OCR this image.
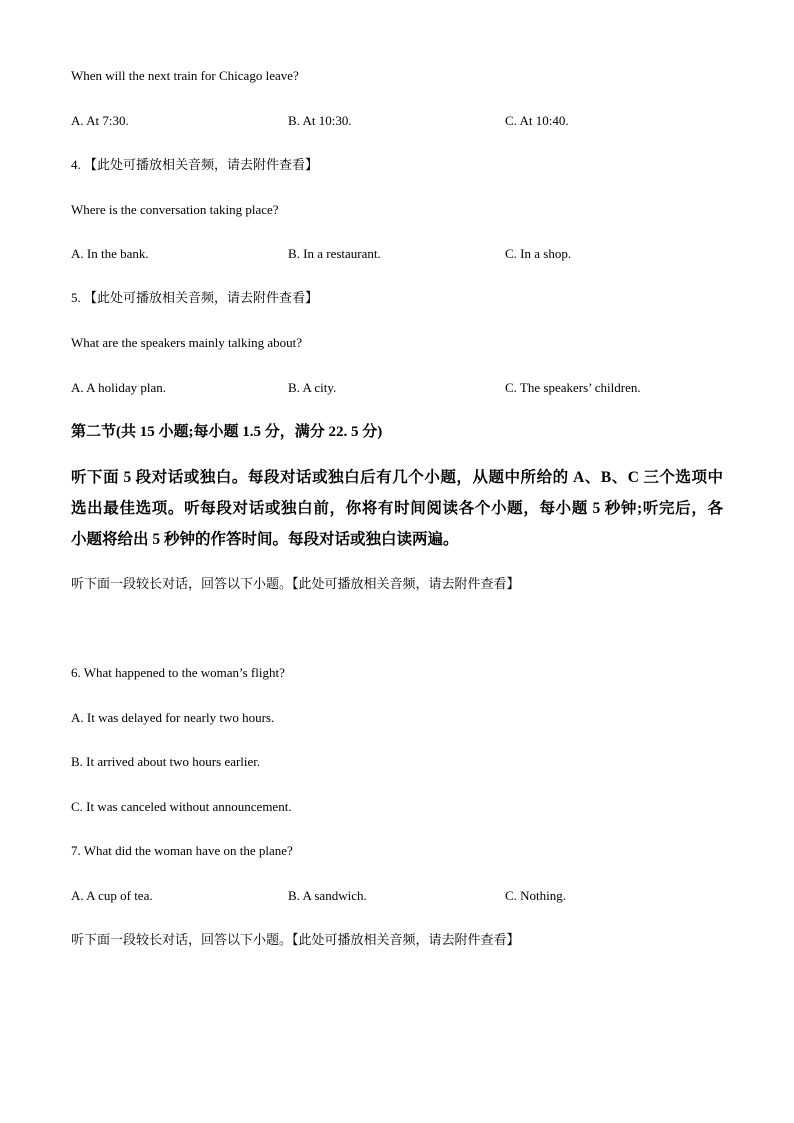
When will the next train for Chicago leave?
A. At 7:30.	B. At 10:30.	C. At 10:40.
4. 【此处可播放相关音频，请去附件查看】
Where is the conversation taking place?
A. In the bank.	B. In a restaurant.	C. In a shop.
5. 【此处可播放相关音频，请去附件查看】
What are the speakers mainly talking about?
A. A holiday plan.	B. A city.	C. The speakers’ children.
第二节(共 15 小题;每小题 1.5 分，满分 22. 5 分)
听下面 5 段对话或独白。每段对话或独白后有几个小题，从题中所给的 A、B、C 三个选项中
选出最佳选项。听每段对话或独白前，你将有时间阅读各个小题，每小题 5 秒钟;听完后，各
小题将给出 5 秒钟的作答时间。每段对话或独白读两遍。
听下面一段较长对话，回答以下小题。【此处可播放相关音频，请去附件查看】
6. What happened to the woman’s flight?
A. It was delayed for nearly two hours.
B. It arrived about two hours earlier.
C. It was canceled without announcement.
7. What did the woman have on the plane?
A. A cup of tea.	B. A sandwich.	C. Nothing.
听下面一段较长对话，回答以下小题。【此处可播放相关音频，请去附件查看】
